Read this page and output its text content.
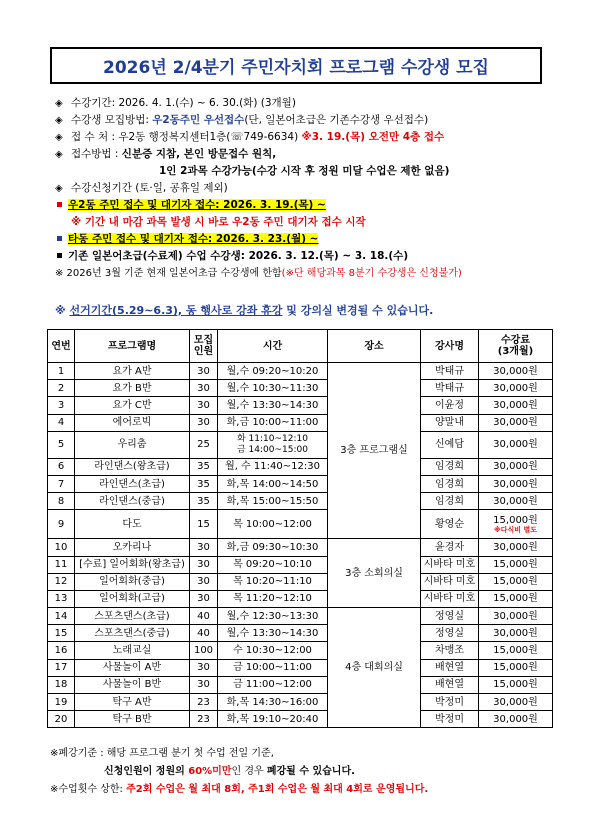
2026년 2/4분기 주민자치회 프로그램 수강생 모집
◈ 수강기간: 2026. 4. 1.(수) ~ 6. 30.(화) (3개월)
◈ 수강생 모집방법: 우2동주민 우선접수(단, 일본어초급은 기존수강생 우선접수)
◈ 접 수 처 : 우2동 행정복지센터1층(☏749-6634) ※3. 19.(목) 오전만 4층 접수
◈ 접수방법 : 신분증 지참, 본인 방문접수 원칙,
1인 2과목 수강가능(수강 시작 후 정원 미달 수업은 제한 없음)
◈ 수강신청기간 (토·일, 공휴일 제외)
우2동 주민 접수 및 대기자 접수: 2026. 3. 19.(목) ~
※ 기간 내 마감 과목 발생 시 바로 우2동 주민 대기자 접수 시작
타동 주민 접수 및 대기자 접수: 2026. 3. 23.(월) ~
기존 일본어초급(수료제) 수업 수강생: 2026. 3. 12.(목) ~ 3. 18.(수)
※ 2026년 3월 기준 현재 일본어초급 수강생에 한함(※단 해당과목 8분기 수강생은 신청불가)
※ 선거기간(5.29~6.3), 동 행사로 강좌 휴강 및 강의실 변경될 수 있습니다.
연번	프로그램명	모집
인원	시간	장소	강사명	수강료
(3개월)
1	요가 A반	30	월,수 09:20~10:20	3층 프로그램실	박태규	30,000원
2	요가 B반	30	월,수 10:30~11:30		박태규	30,000원
3	요가 C반	30	월,수 13:30~14:30		이윤정	30,000원
4	에어로빅	30	화,금 10:00~11:00		양말내	30,000원
5	우리춤	25	화 11:10~12:10
금 14:00~15:00		신예담	30,000원
6	라인댄스(왕초급)	35	월, 수 11:40~12:30		임경희	30,000원
7	라인댄스(초급)	35	화,목 14:00~14:50		임경희	30,000원
8	라인댄스(중급)	35	화,목 15:00~15:50		임경희	30,000원
9	다도	15	목 10:00~12:00		황영순	15,000원
※다식비 별도

10	오카리나	30	화,금 09:30~10:30	3층 소회의실	윤경자	30,000원
11	[수료] 일어회화(왕초급)	30	목 09:20~10:10		시바타 미호	15,000원
12	일어회화(중급)	30	목 10:20~11:10		시바타 미호	15,000원
13	일어회화(고급)	30	목 11:20~12:10		시바타 미호	15,000원
14	스포츠댄스(초급)	40	월,수 12:30~13:30	4층 대회의실	정영실	30,000원
15	스포츠댄스(중급)	40	월,수 13:30~14:30		정영실	30,000원
16	노래교실	100	수 10:30~12:00		차맹조	15,000원
17	사물놀이 A반	30	금 10:00~11:00		배현열	15,000원
18	사물놀이 B반	30	금 11:00~12:00		배현열	15,000원
19	탁구 A반	23	화,목 14:30~16:00		박정미	30,000원
20	탁구 B반	23	화,목 19:10~20:40		박정미	30,000원
※폐강기준 : 해당 프로그램 분기 첫 수업 전일 기준,
신청인원이 정원의 60%미만인 경우 폐강될 수 있습니다.
※수업횟수 상한: 주2회 수업은 월 최대 8회, 주1회 수업은 월 최대 4회로 운영됩니다.
